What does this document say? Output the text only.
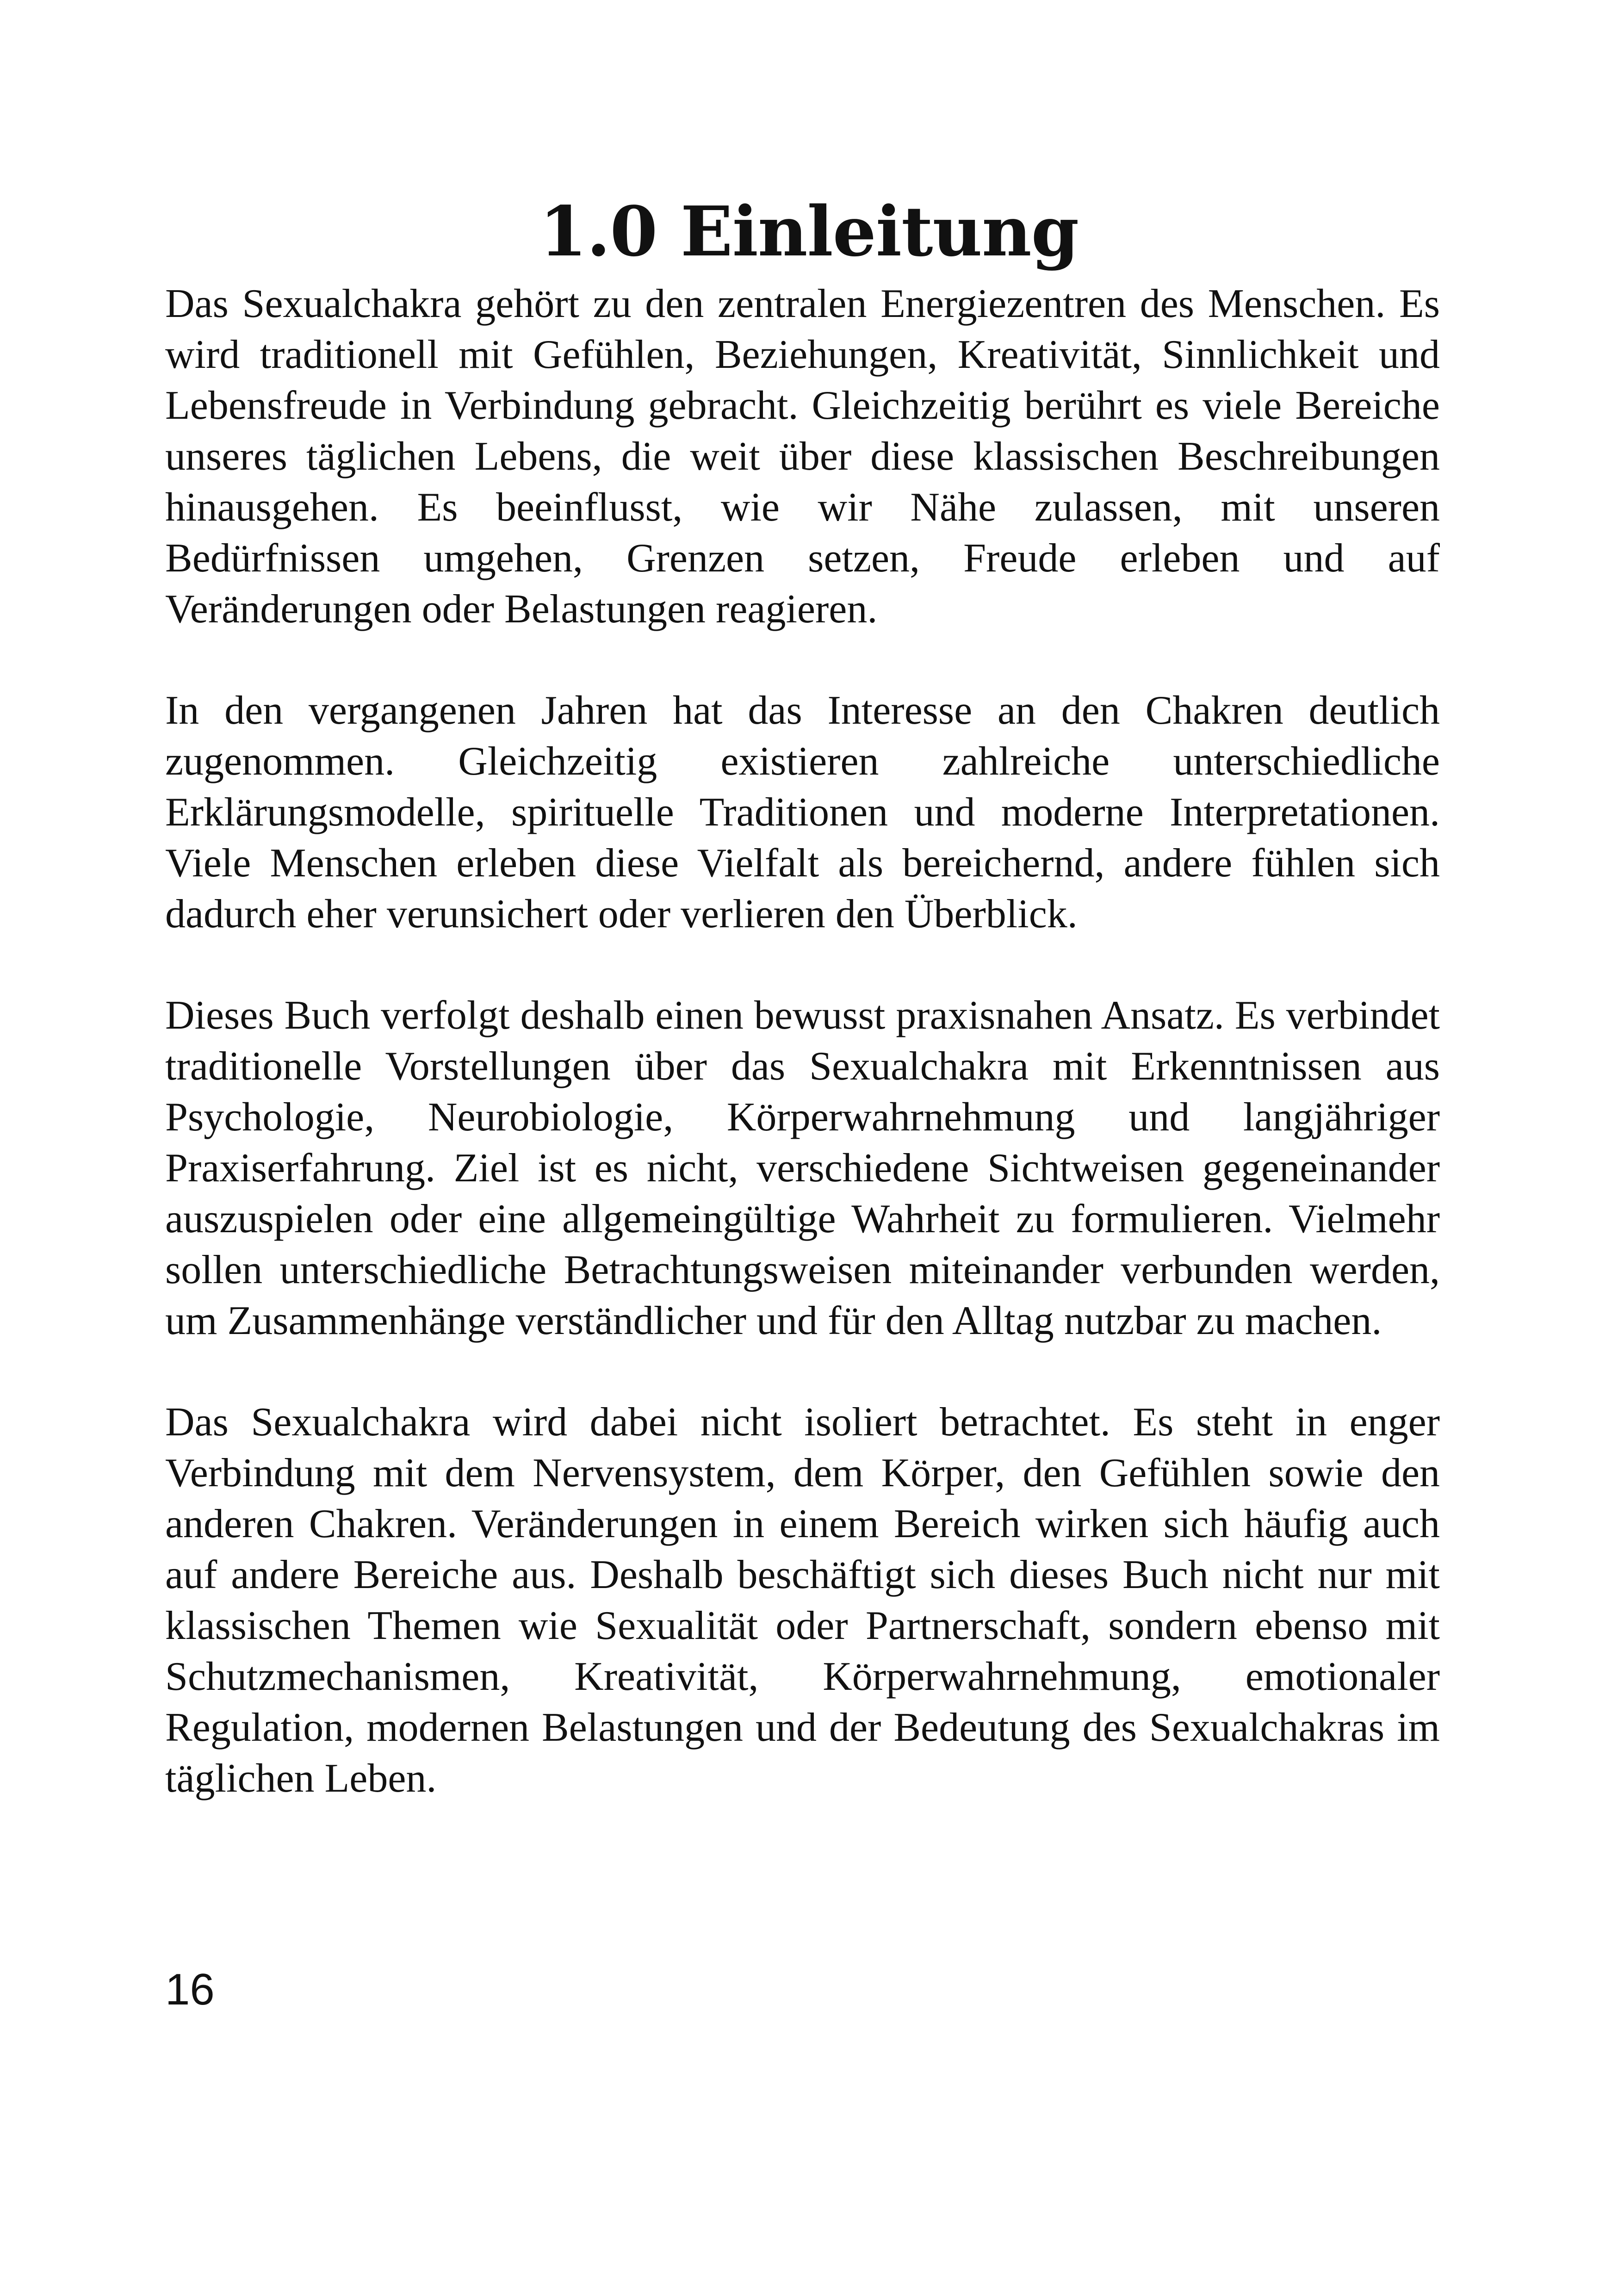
1.0 Einleitung

Das Sexualchakra gehört zu den zentralen Energiezentren des Menschen. Es wird traditionell mit Gefühlen, Beziehungen, Kreativität, Sinnlichkeit und Lebensfreude in Verbindung gebracht. Gleichzeitig berührt es viele Bereiche unseres täglichen Lebens, die weit über diese klassischen Beschreibungen hinausgehen. Es beeinflusst, wie wir Nähe zulassen, mit unseren Bedürfnissen umgehen, Grenzen setzen, Freude erleben und auf Veränderungen oder Belastungen reagieren.

In den vergangenen Jahren hat das Interesse an den Chakren deutlich zugenommen. Gleichzeitig existieren zahlreiche unterschiedliche Erklärungsmodelle, spirituelle Traditionen und moderne Interpretationen. Viele Menschen erleben diese Vielfalt als bereichernd, andere fühlen sich dadurch eher verunsichert oder verlieren den Überblick.

Dieses Buch verfolgt deshalb einen bewusst praxisnahen Ansatz. Es verbindet traditionelle Vorstellungen über das Sexualchakra mit Erkenntnissen aus Psychologie, Neurobiologie, Körperwahrnehmung und langjähriger Praxiserfahrung. Ziel ist es nicht, verschiedene Sichtweisen gegeneinander auszuspielen oder eine allgemeingültige Wahrheit zu formulieren. Vielmehr sollen unterschiedliche Betrachtungsweisen miteinander verbunden werden, um Zusammenhänge verständlicher und für den Alltag nutzbar zu machen.

Das Sexualchakra wird dabei nicht isoliert betrachtet. Es steht in enger Verbindung mit dem Nervensystem, dem Körper, den Gefühlen sowie den anderen Chakren. Veränderungen in einem Bereich wirken sich häufig auch auf andere Bereiche aus. Deshalb beschäftigt sich dieses Buch nicht nur mit klassischen Themen wie Sexualität oder Partnerschaft, sondern ebenso mit Schutzmechanismen, Kreativität, Körperwahrnehmung, emotionaler Regulation, modernen Belastungen und der Bedeutung des Sexualchakras im täglichen Leben.

16
